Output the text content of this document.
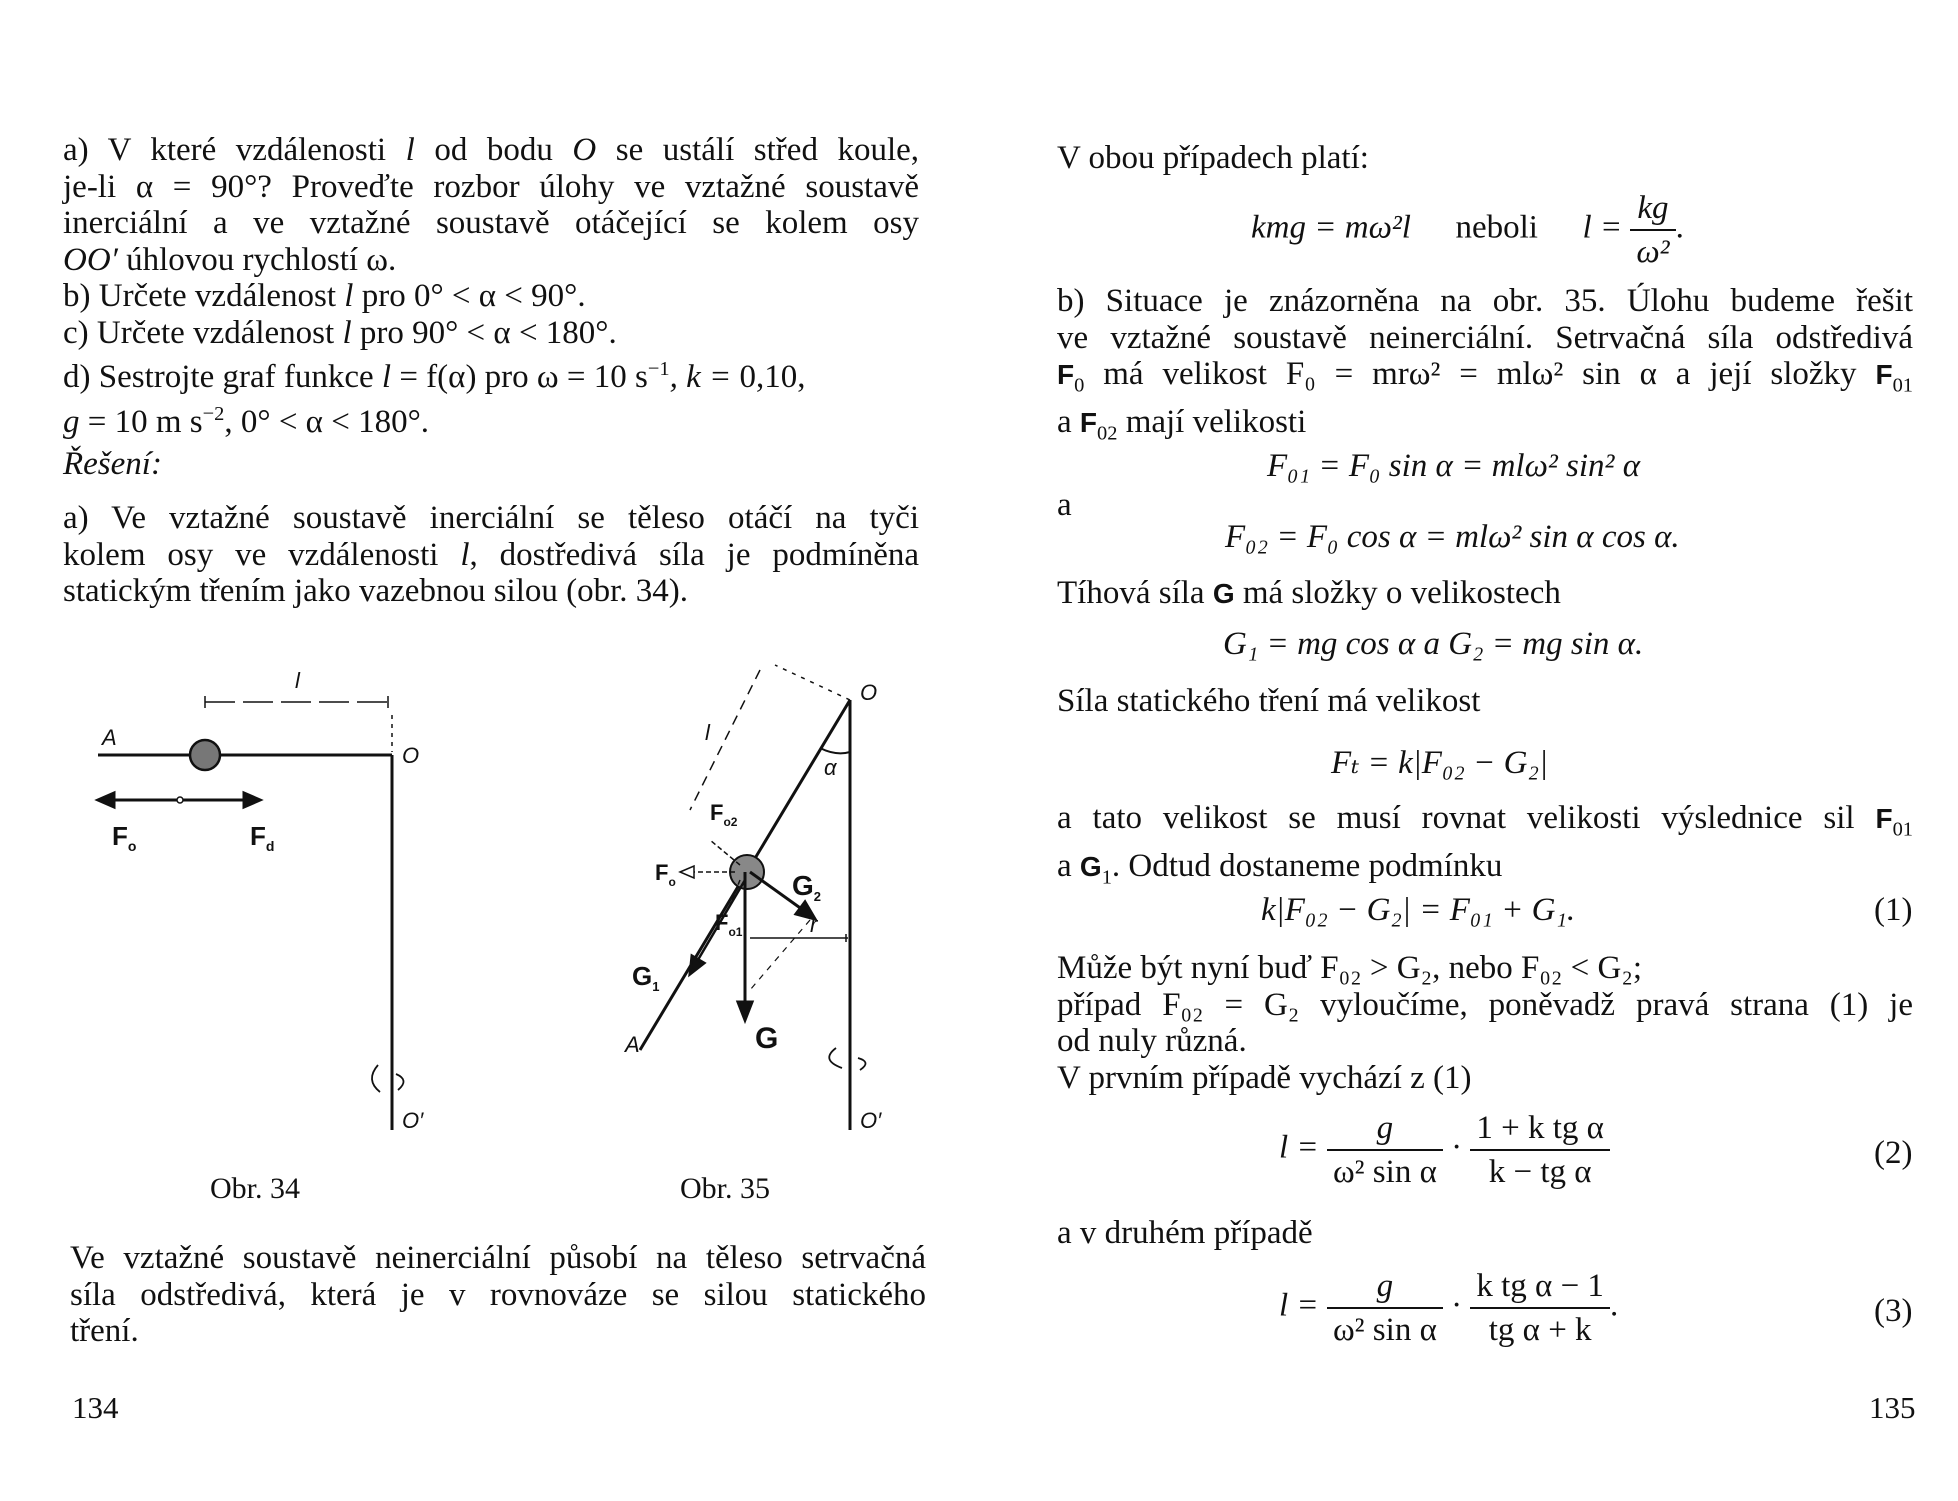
a) V které vzdálenosti l od bodu O se ustálí střed koule,
je-li α = 90°? Proveďte rozbor úlohy ve vztažné soustavě
inerciální a ve vztažné soustavě otáčející se kolem osy
OO′ úhlovou rychlostí ω.
b) Určete vzdálenost l pro 0° < α < 90°.
c) Určete vzdálenost l pro 90° < α < 180°.
d) Sestrojte graf funkce l = f(α) pro ω = 10 $s^{-1}$, k = 0,10,
g = 10 m $s^{-2}$, 0° < α < 180°.
Řešení:
a) Ve vztažné soustavě inerciální se těleso otáčí na tyči
kolem osy ve vzdálenosti l, dostředivá síla je podmíněna
statickým třením jako vazebnou silou (obr. 34).
l
A
O
O′
$F_o$	$F_d$
Obr. 34
O
O′
l
α
A
r
$F_{o2}$
$F_o$
$F_{o1}$
$G_2$
$G_1$
G
Obr. 35
Ve vztažné soustavě neinerciální působí na těleso setrvačná
síla odstředivá, která je v rovnováze se silou statického
tření.
134
V obou případech platí:
kmg = mω²l neboli $l = \frac{kg}{\text{ω²}}$ .
b) Situace je znázorněna na obr. 35. Úlohu budeme řešit
ve vztažné soustavě neinerciální. Setrvačná síla odstředivá
$F_0$ má velikost F₀ = mrω² = mlω² sin α a její složky $F_{01}$
a $F_{02}$ mají velikosti
F₀₁ = F₀ sin α = mlω² sin² α
a
F₀₂ = F₀ cos α = mlω² sin α cos α.
Tíhová síla G má složky o velikostech
G₁ = mg cos α a G₂ = mg sin α.
Síla statického tření má velikost
Fₜ = k|F₀₂ − G₂|
a tato velikost se musí rovnat velikosti výslednice sil $F_{01}$
a $G_1$. Odtud dostaneme podmínku
k|F₀₂ − G₂| = F₀₁ + G₁.	(1)
Může být nyní buď F₀₂ > G₂, nebo F₀₂ < G₂;
případ F₀₂ = G₂ vyloučíme, poněvadž pravá strana (1) je
od nuly různá.
V prvním případě vychází z (1)
$l = \frac{g}{\text{ω² sin α}} \cdot \frac{\text{1 + k tg α}}{\text{k − tg α}}$	(2)
a v druhém případě
$l = \frac{g}{\text{ω² sin α}} \cdot \frac{\text{k tg α − 1}}{\text{tg α + k}}$ .	(3)
135
